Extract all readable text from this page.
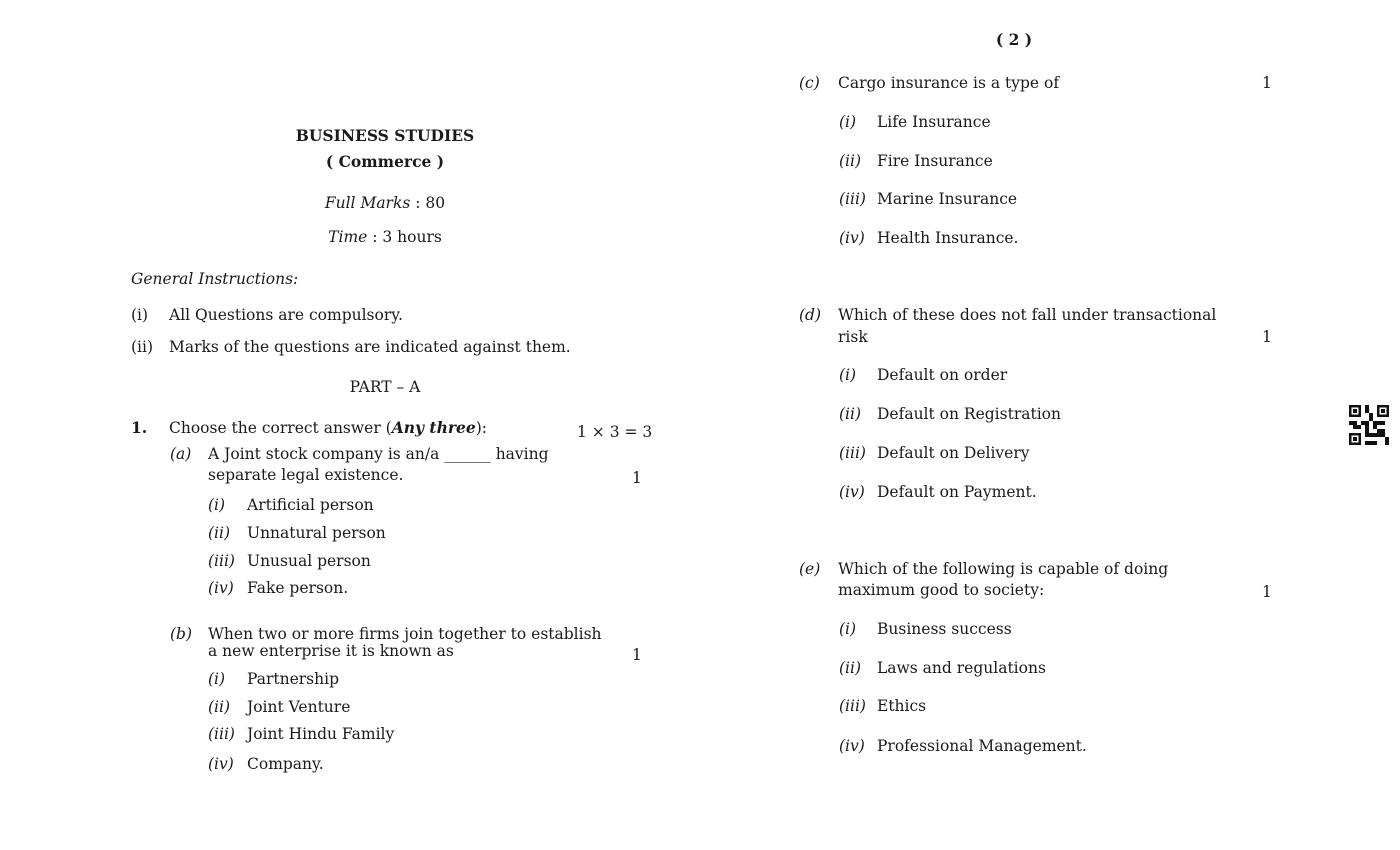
( 2 )
BUSINESS STUDIES
( Commerce )
Full Marks : 80
Time : 3 hours
General Instructions:
(i) All Questions are compulsory.
(ii) Marks of the questions are indicated against them.
PART – A
1. Choose the correct answer (Any three):	1 × 3 = 3
(a) A Joint stock company is an/a ______ having
separate legal existence.	1
(i) Artificial person
(ii) Unnatural person
(iii) Unusual person
(iv) Fake person.
(b) When two or more firms join together to establish
a new enterprise it is known as	1
(i) Partnership
(ii) Joint Venture
(iii) Joint Hindu Family
(iv) Company.
(c) Cargo insurance is a type of	1
(i) Life Insurance
(ii) Fire Insurance
(iii) Marine Insurance
(iv) Health Insurance.
(d) Which of these does not fall under transactional
risk	1
(i) Default on order
(ii) Default on Registration
(iii) Default on Delivery
(iv) Default on Payment.
(e) Which of the following is capable of doing
maximum good to society:	1
(i) Business success
(ii) Laws and regulations
(iii) Ethics
(iv) Professional Management.
